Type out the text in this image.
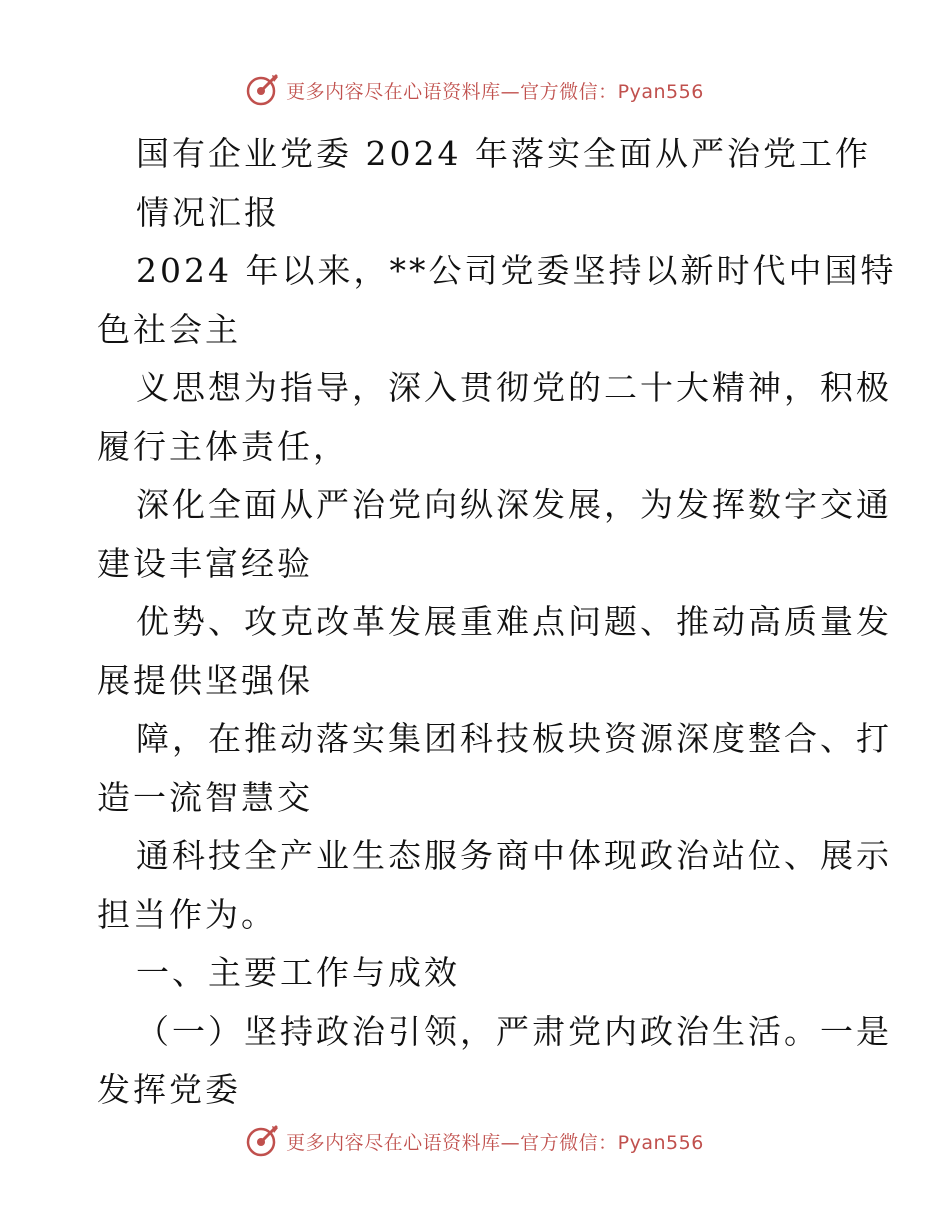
更多内容尽在心语资料库—官方微信：Pyan556
国有企业党委 2024 年落实全面从严治党工作
情况汇报
2024 年以来，**公司党委坚持以新时代中国特
色社会主
义思想为指导，深入贯彻党的二十大精神，积极
履行主体责任，
深化全面从严治党向纵深发展，为发挥数字交通
建设丰富经验
优势、攻克改革发展重难点问题、推动高质量发
展提供坚强保
障，在推动落实集团科技板块资源深度整合、打
造一流智慧交
通科技全产业生态服务商中体现政治站位、展示
担当作为。
一、主要工作与成效
（一）坚持政治引领，严肃党内政治生活。一是
发挥党委
更多内容尽在心语资料库—官方微信：Pyan556
